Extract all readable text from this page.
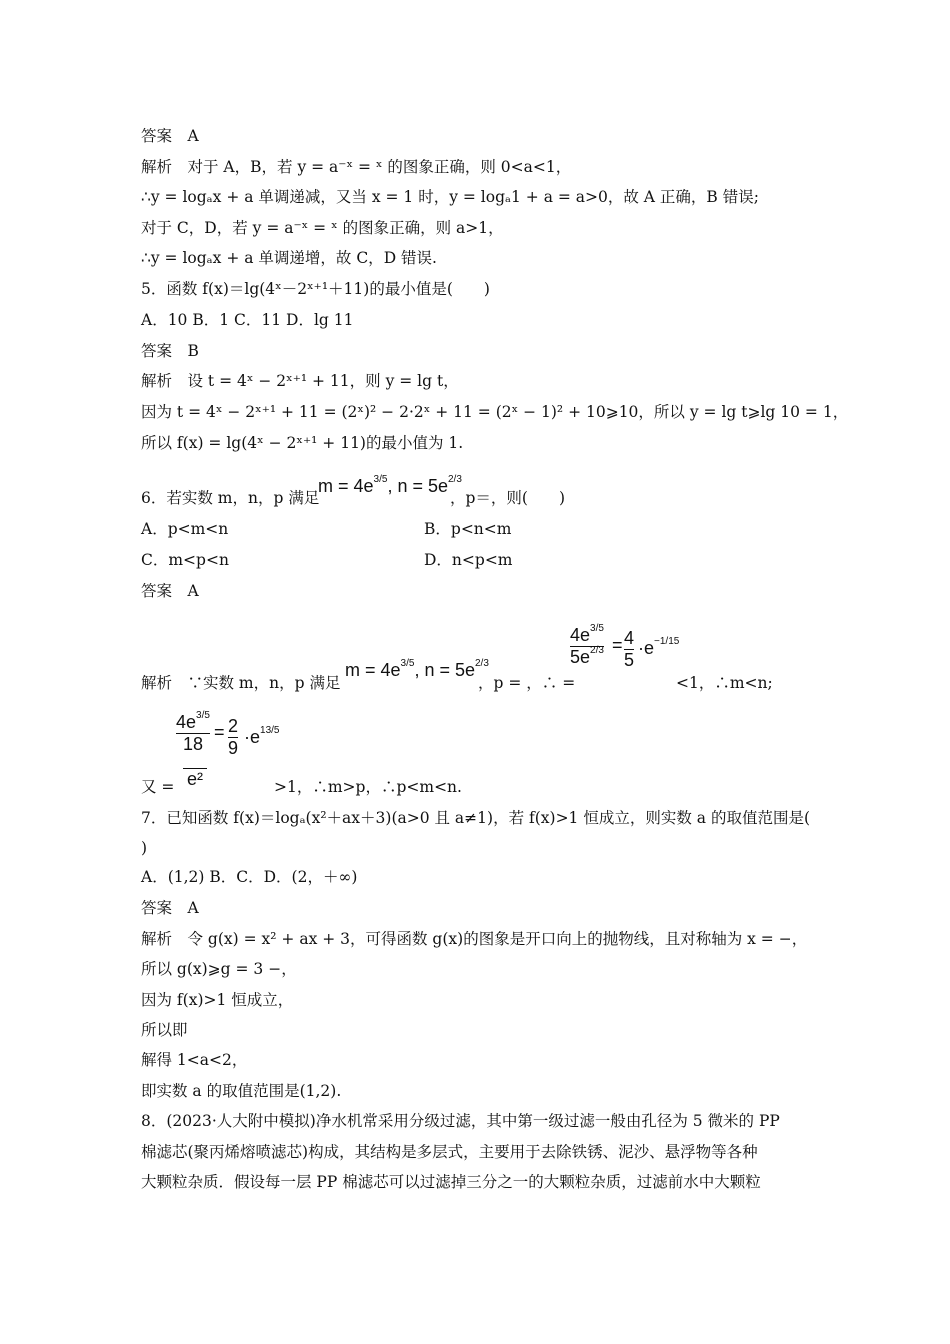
答案　A
解析　对于 A，B，若 y = a⁻ˣ = ˣ 的图象正确，则 0<a<1，
∴y = logₐx + a 单调递减，又当 x = 1 时，y = logₐ1 + a = a>0，故 A 正确，B 错误;
对于 C，D，若 y = a⁻ˣ = ˣ 的图象正确，则 a>1，
∴y = logₐx + a 单调递增，故 C，D 错误.
5．函数 f(x)＝lg(4ˣ－2ˣ⁺¹＋11)的最小值是(　　)
A．10 B．1 C．11 D．lg 11
答案　B
解析　设 t = 4ˣ − 2ˣ⁺¹ + 11，则 y = lg t，
因为 t = 4ˣ − 2ˣ⁺¹ + 11 = (2ˣ)² − 2·2ˣ + 11 = (2ˣ − 1)² + 10⩾10，所以 y = lg t⩾lg 10 = 1，
所以 f(x) = lg(4ˣ − 2ˣ⁺¹ + 11)的最小值为 1.
6．若实数 m，n，p 满足
$m = 4e^{3/5}$, $n = 5e^{2/3}$
，p＝，则(　　)
A．p<m<n	B．p<n<m
C．m<p<n	D．n<p<m
答案　A
解析　∵实数 m，n，p 满足
$m = 4e^{3/5}$, $n = 5e^{2/3}$
，p = ，∴ =
$\frac{4e^{3/5}}{5e^{2/3}} = \frac{4}{5} \cdot e^{-1/15}$
<1，∴m<n;
$\frac{4e^{3/5}}{18} = \frac{2}{9} \cdot e^{13/5}$
又 = e²	>1，∴m>p，∴p<m<n.
7．已知函数 f(x)＝logₐ(x²＋ax＋3)(a>0 且 a≠1)，若 f(x)>1 恒成立，则实数 a 的取值范围是(
)
A．(1,2) B．C．D．(2，＋∞)
答案　A
解析　令 g(x) = x² + ax + 3，可得函数 g(x)的图象是开口向上的抛物线，且对称轴为 x = −，
所以 g(x)⩾g = 3 −，
因为 f(x)>1 恒成立，
所以即
解得 1<a<2，
即实数 a 的取值范围是(1,2).
8．(2023·人大附中模拟)净水机常采用分级过滤，其中第一级过滤一般由孔径为 5 微米的 PP
棉滤芯(聚丙烯熔喷滤芯)构成，其结构是多层式，主要用于去除铁锈、泥沙、悬浮物等各种
大颗粒杂质．假设每一层 PP 棉滤芯可以过滤掉三分之一的大颗粒杂质，过滤前水中大颗粒
